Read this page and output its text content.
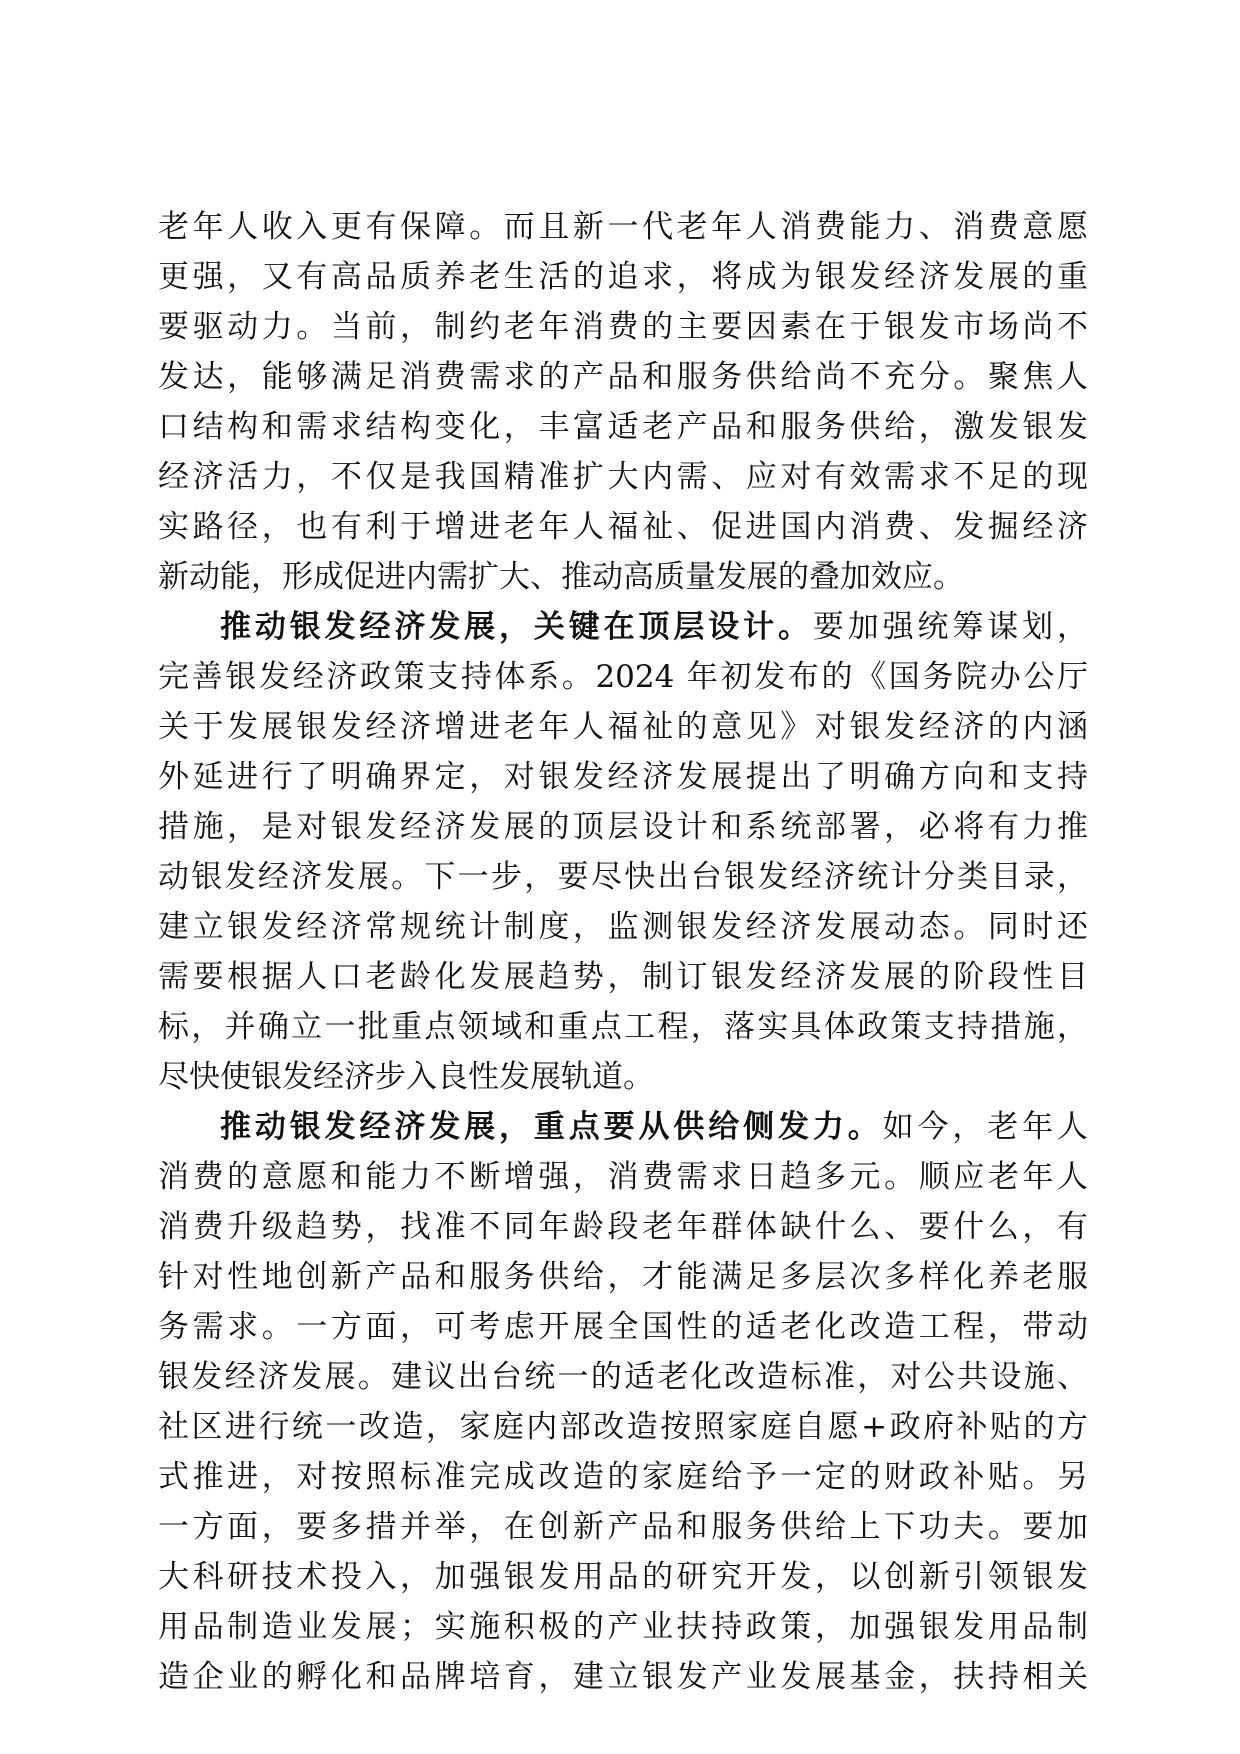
老年人收入更有保障。而且新一代老年人消费能力、消费意愿
更强，又有高品质养老生活的追求，将成为银发经济发展的重
要驱动力。当前，制约老年消费的主要因素在于银发市场尚不
发达，能够满足消费需求的产品和服务供给尚不充分。聚焦人
口结构和需求结构变化，丰富适老产品和服务供给，激发银发
经济活力，不仅是我国精准扩大内需、应对有效需求不足的现
实路径，也有利于增进老年人福祉、促进国内消费、发掘经济
新动能，形成促进内需扩大、推动高质量发展的叠加效应。
推动银发经济发展，关键在顶层设计。要加强统筹谋划，
完善银发经济政策支持体系。2024 年初发布的《国务院办公厅
关于发展银发经济增进老年人福祉的意见》对银发经济的内涵
外延进行了明确界定，对银发经济发展提出了明确方向和支持
措施，是对银发经济发展的顶层设计和系统部署，必将有力推
动银发经济发展。下一步，要尽快出台银发经济统计分类目录，
建立银发经济常规统计制度，监测银发经济发展动态。同时还
需要根据人口老龄化发展趋势，制订银发经济发展的阶段性目
标，并确立一批重点领域和重点工程，落实具体政策支持措施，
尽快使银发经济步入良性发展轨道。
推动银发经济发展，重点要从供给侧发力。如今，老年人
消费的意愿和能力不断增强，消费需求日趋多元。顺应老年人
消费升级趋势，找准不同年龄段老年群体缺什么、要什么，有
针对性地创新产品和服务供给，才能满足多层次多样化养老服
务需求。一方面，可考虑开展全国性的适老化改造工程，带动
银发经济发展。建议出台统一的适老化改造标准，对公共设施、
社区进行统一改造，家庭内部改造按照家庭自愿+政府补贴的方
式推进，对按照标准完成改造的家庭给予一定的财政补贴。另
一方面，要多措并举，在创新产品和服务供给上下功夫。要加
大科研技术投入，加强银发用品的研究开发，以创新引领银发
用品制造业发展；实施积极的产业扶持政策，加强银发用品制
造企业的孵化和品牌培育，建立银发产业发展基金，扶持相关
